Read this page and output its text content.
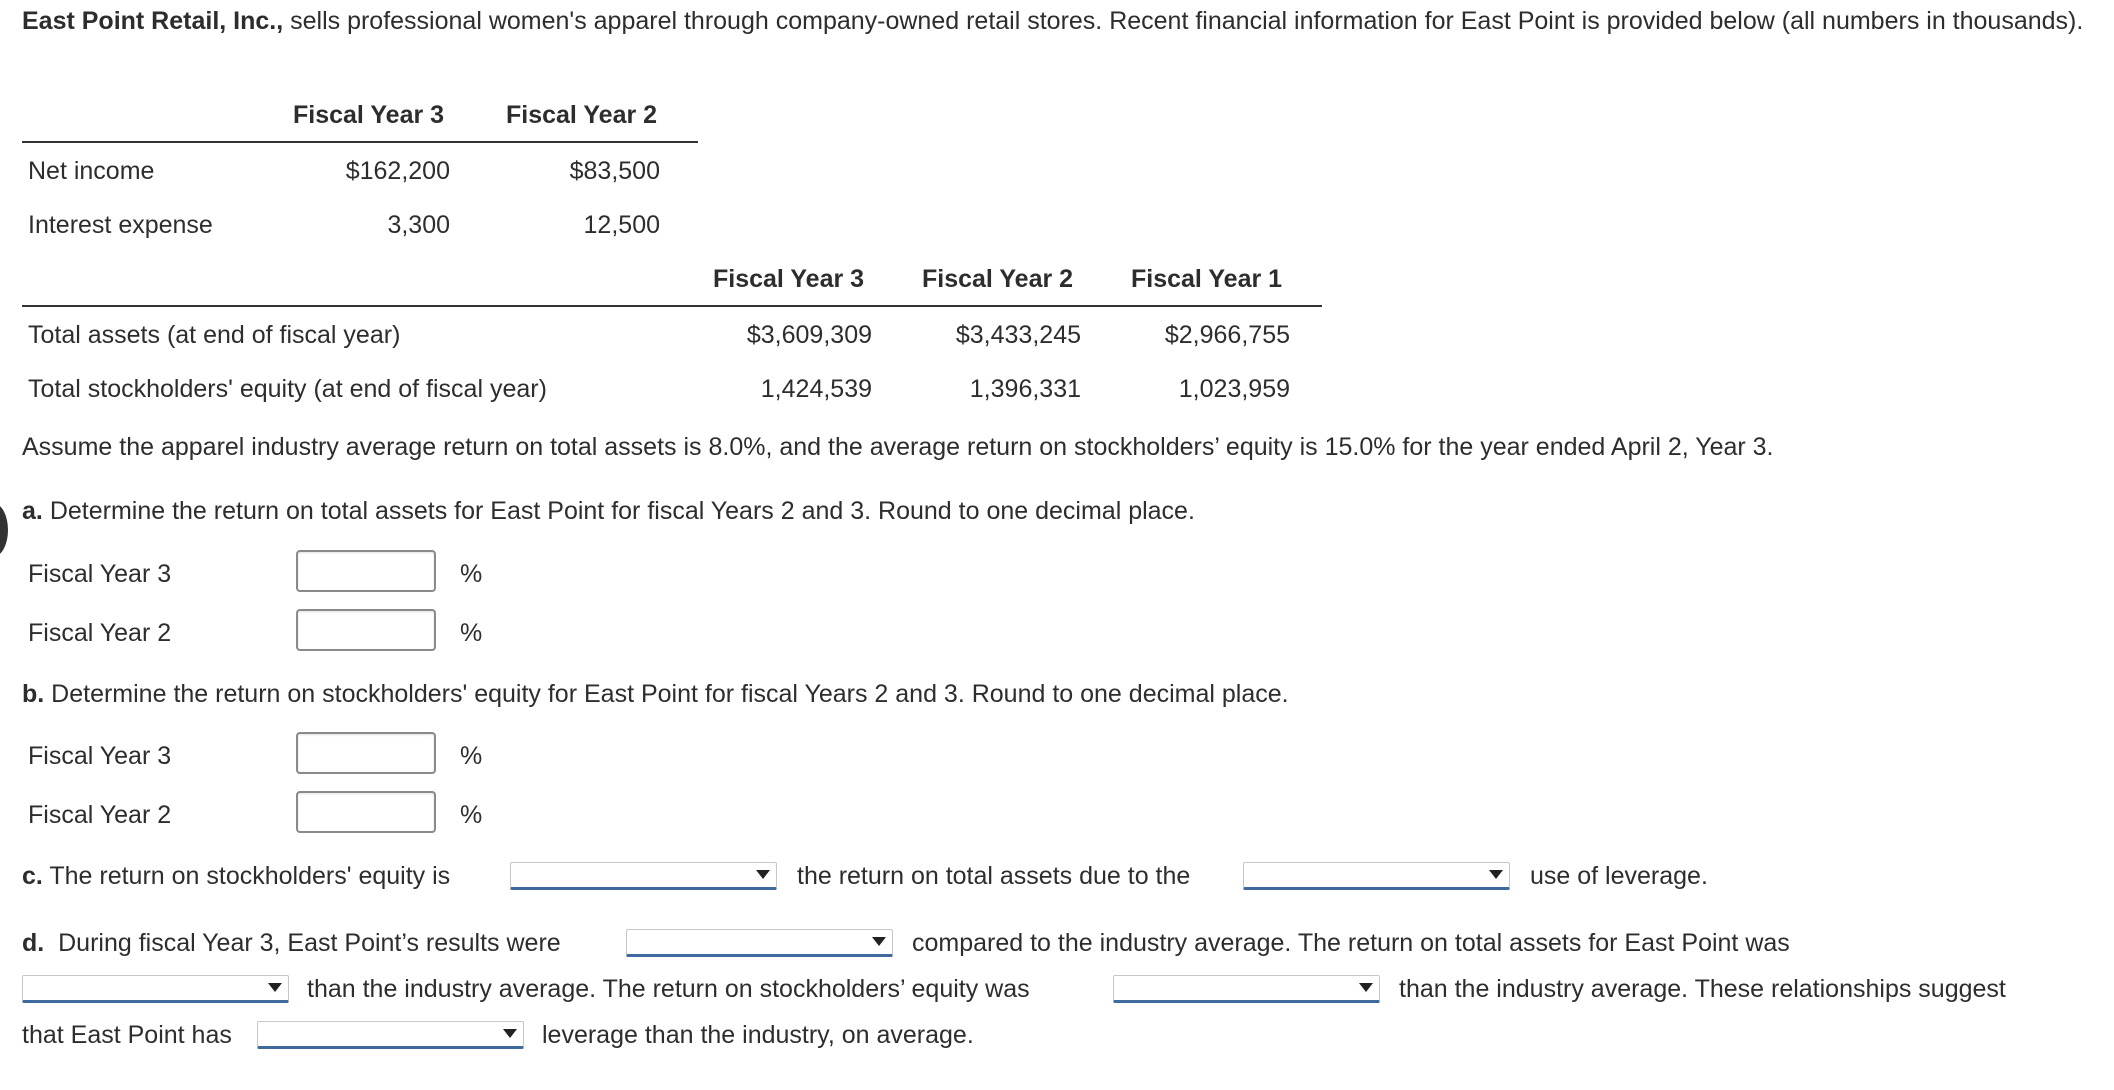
East Point Retail, Inc., sells professional women's apparel through company-owned retail stores. Recent financial information for East Point is provided below (all numbers in thousands).
Fiscal Year 3 Fiscal Year 2
Net income	$162,200	$83,500
Interest expense	3,300	12,500
Fiscal Year 3 Fiscal Year 2 Fiscal Year 1
Total assets (at end of fiscal year)	$3,609,309	$3,433,245	$2,966,755
Total stockholders' equity (at end of fiscal year)	1,424,539	1,396,331	1,023,959
Assume the apparel industry average return on total assets is 8.0%, and the average return on stockholders’ equity is 15.0% for the year ended April 2, Year 3.
a. Determine the return on total assets for East Point for fiscal Years 2 and 3. Round to one decimal place.
Fiscal Year 3	%
Fiscal Year 2	%
b. Determine the return on stockholders' equity for East Point for fiscal Years 2 and 3. Round to one decimal place.
Fiscal Year 3	%
Fiscal Year 2	%
c. The return on stockholders' equity is	the return on total assets due to the	use of leverage.
d. During fiscal Year 3, East Point’s results were	compared to the industry average. The return on total assets for East Point was
than the industry average. The return on stockholders’ equity was	than the industry average. These relationships suggest
that East Point has	leverage than the industry, on average.
